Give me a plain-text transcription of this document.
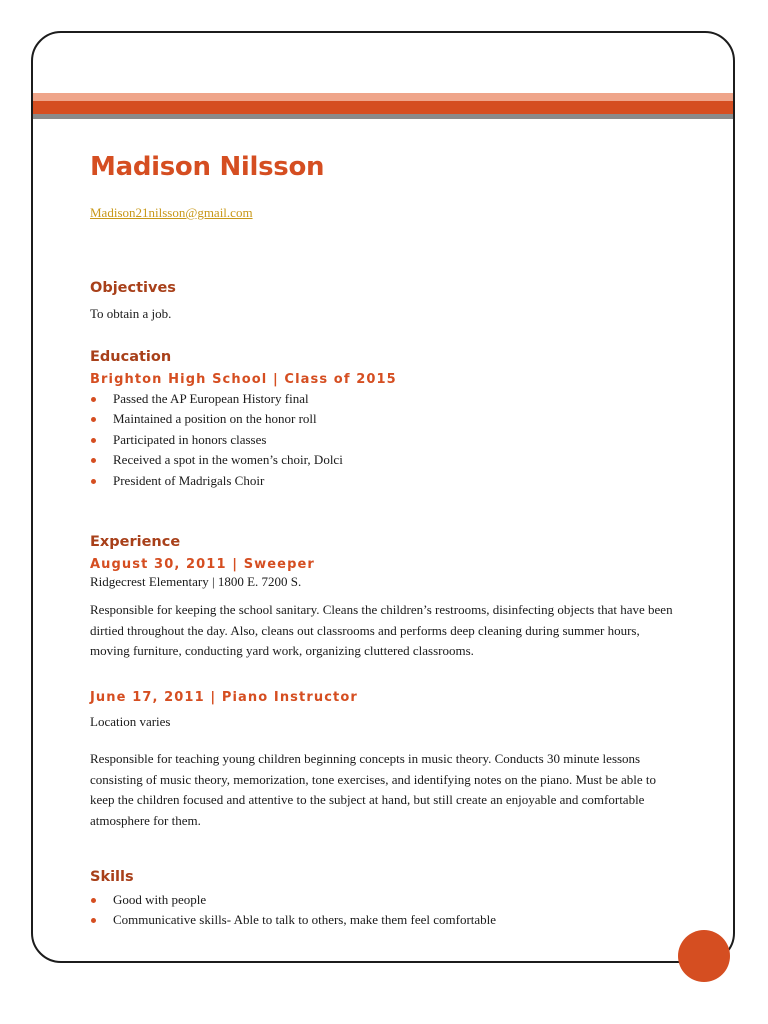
Madison Nilsson
Madison21nilsson@gmail.com
Objectives

To obtain a job.

Education
Brighton High School | Class of 2015
Passed the AP European History final
Maintained a position on the honor roll
Participated in honors classes
Received a spot in the women’s choir, Dolci
President of Madrigals Choir
Experience
August 30, 2011 | Sweeper

Ridgecrest Elementary | 1800 E. 7200 S.

Responsible for keeping the school sanitary. Cleans the children’s restrooms, disinfecting objects that have been dirtied throughout the day. Also, cleans out classrooms and performs deep cleaning during summer hours, moving furniture, conducting yard work, organizing cluttered classrooms.

June 17, 2011 | Piano Instructor

Location varies

Responsible for teaching young children beginning concepts in music theory. Conducts 30 minute lessons consisting of music theory, memorization, tone exercises, and identifying notes on the piano. Must be able to keep the children focused and attentive to the subject at hand, but still create an enjoyable and comfortable atmosphere for them.

Skills
Good with people
Communicative skills- Able to talk to others, make them feel comfortable
